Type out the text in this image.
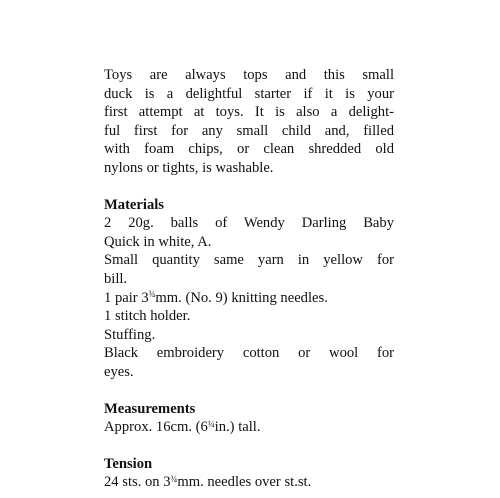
Toys are always tops and this small
duck is a delightful starter if it is your
first attempt at toys. It is also a delight-
ful first for any small child and, filled
with foam chips, or clean shredded old
nylons or tights, is washable.
Materials
2 20g. balls of Wendy Darling Baby
Quick in white, A.
Small quantity same yarn in yellow for
bill.
1 pair 3¾mm. (No. 9) knitting needles.
1 stitch holder.
Stuffing.
Black embroidery cotton or wool for
eyes.
Measurements
Approx. 16cm. (6¼in.) tall.
Tension
24 sts. on 3¾mm. needles over st.st.
